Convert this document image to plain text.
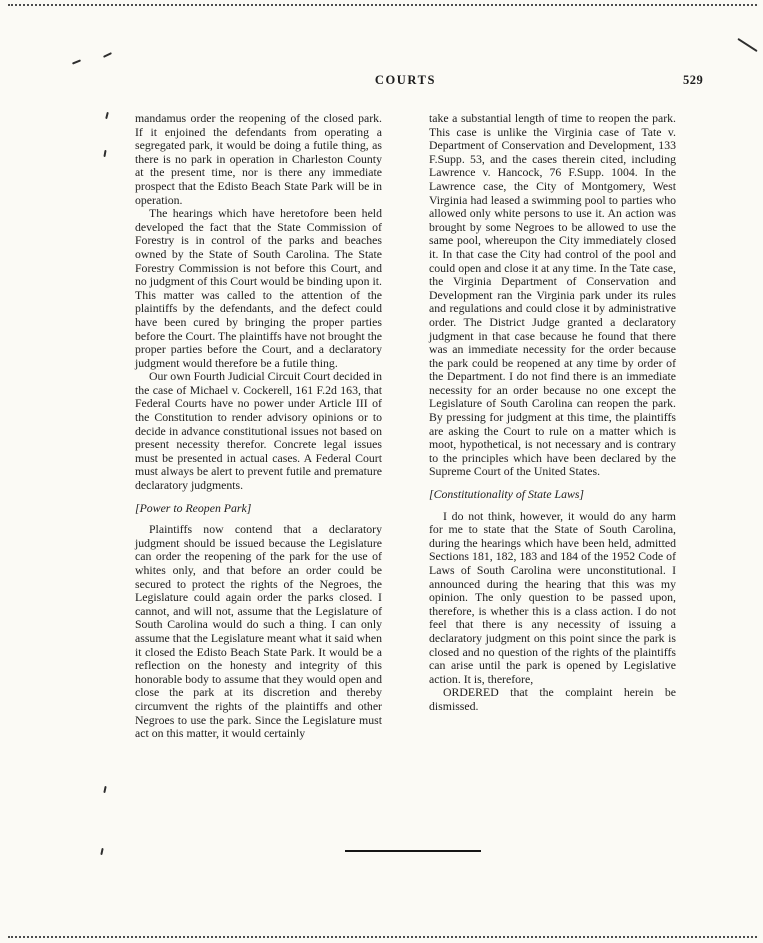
COURTS	529

mandamus order the reopening of the closed park. If it enjoined the defendants from operating a segregated park, it would be doing a futile thing, as there is no park in operation in Charleston County at the present time, nor is there any immediate prospect that the Edisto Beach State Park will be in operation.

The hearings which have heretofore been held developed the fact that the State Commission of Forestry is in control of the parks and beaches owned by the State of South Carolina. The State Forestry Commission is not before this Court, and no judgment of this Court would be binding upon it. This matter was called to the attention of the plaintiffs by the defendants, and the defect could have been cured by bringing the proper parties before the Court. The plaintiffs have not brought the proper parties before the Court, and a declaratory judgment would therefore be a futile thing.

Our own Fourth Judicial Circuit Court decided in the case of Michael v. Cockerell, 161 F.2d 163, that Federal Courts have no power under Article III of the Constitution to render advisory opinions or to decide in advance constitutional issues not based on present necessity therefor. Concrete legal issues must be presented in actual cases. A Federal Court must always be alert to prevent futile and premature declaratory judgments.

[Power to Reopen Park]

Plaintiffs now contend that a declaratory judgment should be issued because the Legislature can order the reopening of the park for the use of whites only, and that before an order could be secured to protect the rights of the Negroes, the Legislature could again order the parks closed. I cannot, and will not, assume that the Legislature of South Carolina would do such a thing. I can only assume that the Legislature meant what it said when it closed the Edisto Beach State Park. It would be a reflection on the honesty and integrity of this honorable body to assume that they would open and close the park at its discretion and thereby circumvent the rights of the plaintiffs and other Negroes to use the park. Since the Legislature must act on this matter, it would certainly

take a substantial length of time to reopen the park. This case is unlike the Virginia case of Tate v. Department of Conservation and Development, 133 F.Supp. 53, and the cases therein cited, including Lawrence v. Hancock, 76 F.Supp. 1004. In the Lawrence case, the City of Montgomery, West Virginia had leased a swimming pool to parties who allowed only white persons to use it. An action was brought by some Negroes to be allowed to use the same pool, whereupon the City immediately closed it. In that case the City had control of the pool and could open and close it at any time. In the Tate case, the Virginia Department of Conservation and Development ran the Virginia park under its rules and regulations and could close it by administrative order. The District Judge granted a declaratory judgment in that case because he found that there was an immediate necessity for the order because the park could be reopened at any time by order of the Department. I do not find there is an immediate necessity for an order because no one except the Legislature of South Carolina can reopen the park. By pressing for judgment at this time, the plaintiffs are asking the Court to rule on a matter which is moot, hypothetical, is not necessary and is contrary to the principles which have been declared by the Supreme Court of the United States.

[Constitutionality of State Laws]

I do not think, however, it would do any harm for me to state that the State of South Carolina, during the hearings which have been held, admitted Sections 181, 182, 183 and 184 of the 1952 Code of Laws of South Carolina were unconstitutional. I announced during the hearing that this was my opinion. The only question to be passed upon, therefore, is whether this is a class action. I do not feel that there is any necessity of issuing a declaratory judgment on this point since the park is closed and no question of the rights of the plaintiffs can arise until the park is opened by Legislative action. It is, therefore,

ORDERED that the complaint herein be dismissed.
